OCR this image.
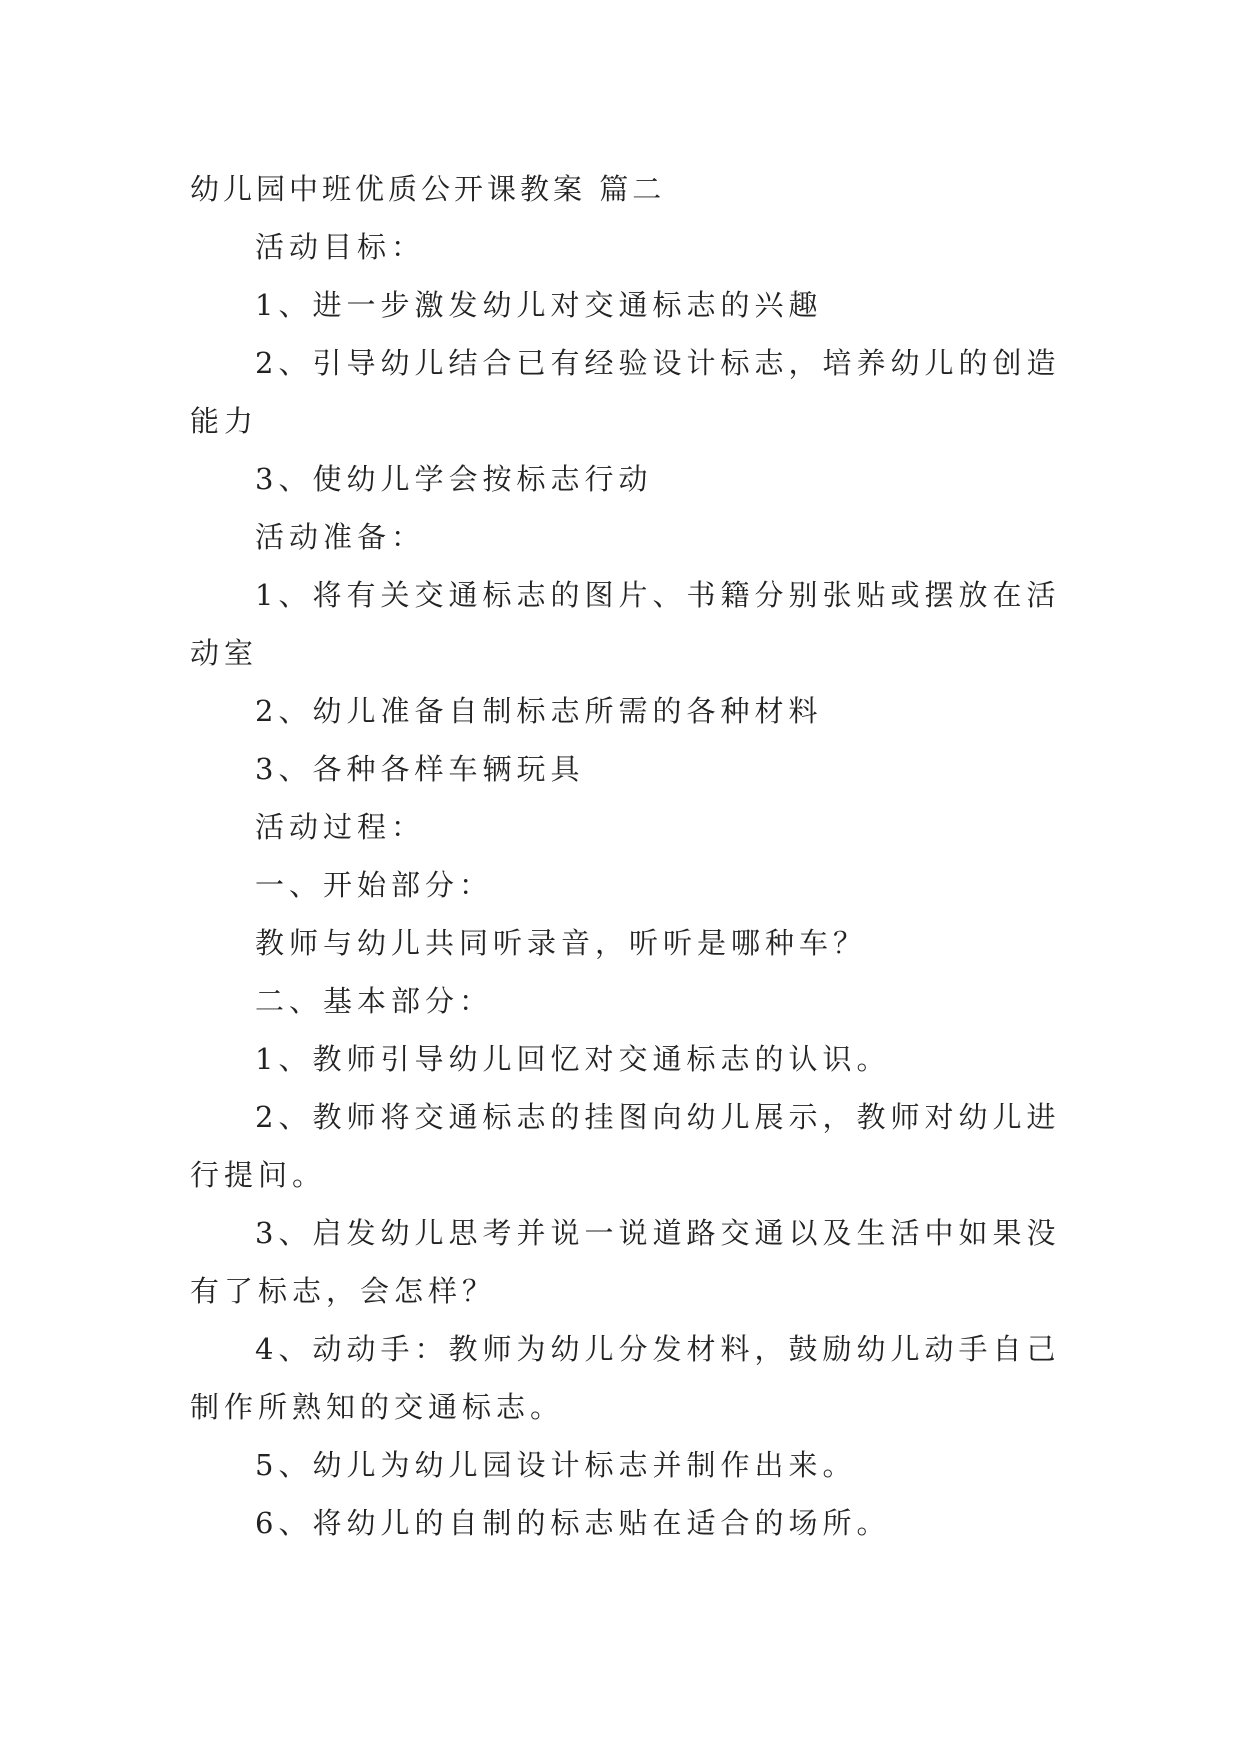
幼儿园中班优质公开课教案 篇二
活动目标：
1、进一步激发幼儿对交通标志的兴趣
2、引导幼儿结合已有经验设计标志，培养幼儿的创造
能力
3、使幼儿学会按标志行动
活动准备：
1、将有关交通标志的图片、书籍分别张贴或摆放在活
动室
2、幼儿准备自制标志所需的各种材料
3、各种各样车辆玩具
活动过程：
一、开始部分：
教师与幼儿共同听录音，听听是哪种车？
二、基本部分：
1、教师引导幼儿回忆对交通标志的认识。
2、教师将交通标志的挂图向幼儿展示，教师对幼儿进
行提问。
3、启发幼儿思考并说一说道路交通以及生活中如果没
有了标志，会怎样？
4、动动手：教师为幼儿分发材料，鼓励幼儿动手自己
制作所熟知的交通标志。
5、幼儿为幼儿园设计标志并制作出来。
6、将幼儿的自制的标志贴在适合的场所。
